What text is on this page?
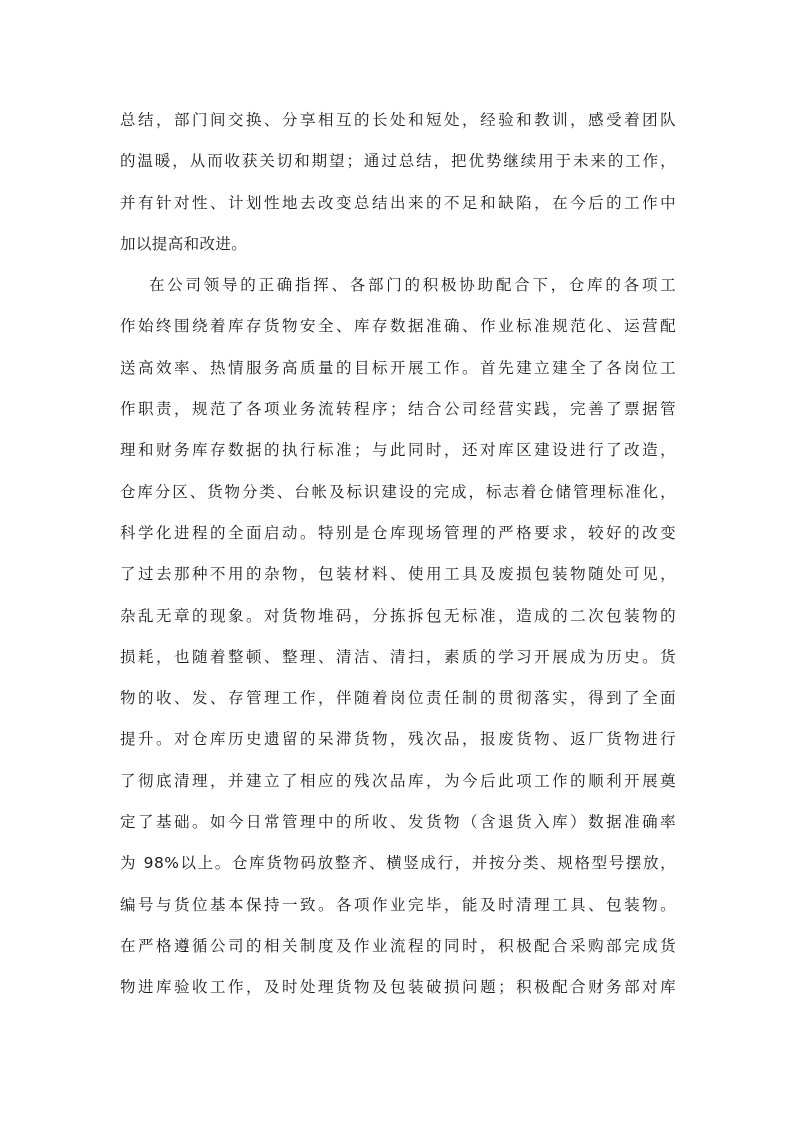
总结，部门间交换、分享相互的长处和短处，经验和教训，感受着团队
的温暖，从而收获关切和期望；通过总结，把优势继续用于未来的工作，
并有针对性、计划性地去改变总结出来的不足和缺陷，在今后的工作中
加以提高和改进。
在公司领导的正确指挥、各部门的积极协助配合下，仓库的各项工
作始终围绕着库存货物安全、库存数据准确、作业标准规范化、运营配
送高效率、热情服务高质量的目标开展工作。首先建立建全了各岗位工
作职责，规范了各项业务流转程序；结合公司经营实践，完善了票据管
理和财务库存数据的执行标准；与此同时，还对库区建设进行了改造，
仓库分区、货物分类、台帐及标识建设的完成，标志着仓储管理标准化，
科学化进程的全面启动。特别是仓库现场管理的严格要求，较好的改变
了过去那种不用的杂物，包装材料、使用工具及废损包装物随处可见，
杂乱无章的现象。对货物堆码，分拣拆包无标准，造成的二次包装物的
损耗，也随着整顿、整理、清洁、清扫，素质的学习开展成为历史。货
物的收、发、存管理工作，伴随着岗位责任制的贯彻落实，得到了全面
提升。对仓库历史遗留的呆滞货物，残次品，报废货物、返厂货物进行
了彻底清理，并建立了相应的残次品库，为今后此项工作的顺利开展奠
定了基础。如今日常管理中的所收、发货物（含退货入库）数据准确率
为 98%以上。仓库货物码放整齐、横竖成行，并按分类、规格型号摆放，
编号与货位基本保持一致。各项作业完毕，能及时清理工具、包装物。
在严格遵循公司的相关制度及作业流程的同时，积极配合采购部完成货
物进库验收工作，及时处理货物及包装破损问题；积极配合财务部对库
